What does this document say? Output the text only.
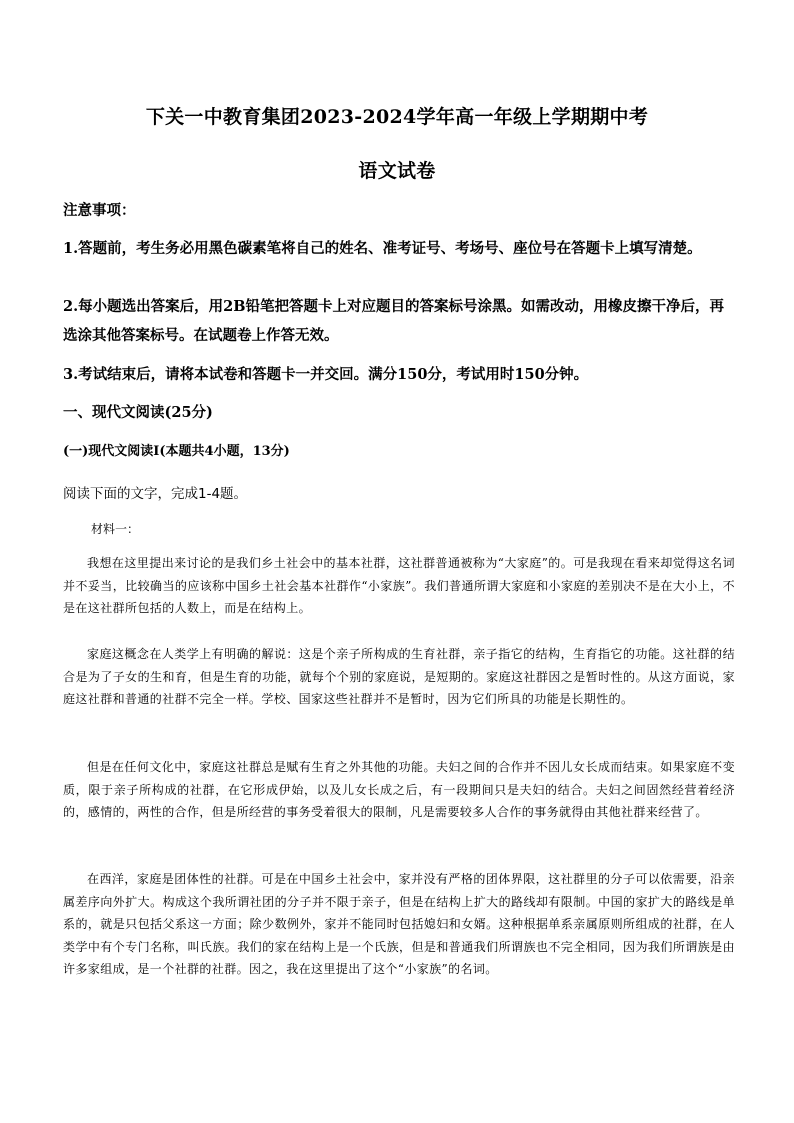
下关一中教育集团2023-2024学年高一年级上学期期中考
语文试卷
注意事项：
1.答题前，考生务必用黑色碳素笔将自己的姓名、准考证号、考场号、座位号在答题卡上填写清楚。
2.每小题选出答案后，用2B铅笔把答题卡上对应题目的答案标号涂黑。如需改动，用橡皮擦干净后，再选涂其他答案标号。在试题卷上作答无效。
3.考试结束后，请将本试卷和答题卡一并交回。满分150分，考试用时150分钟。
一、现代文阅读(25分)
(一)现代文阅读Ⅰ(本题共4小题，13分)
阅读下面的文字，完成1-4题。
材料一：
我想在这里提出来讨论的是我们乡土社会中的基本社群，这社群普通被称为“大家庭”的。可是我现在看来却觉得这名词并不妥当，比较确当的应该称中国乡土社会基本社群作“小家族”。我们普通所谓大家庭和小家庭的差别决不是在大小上，不是在这社群所包括的人数上，而是在结构上。
家庭这概念在人类学上有明确的解说：这是个亲子所构成的生育社群，亲子指它的结构，生育指它的功能。这社群的结合是为了子女的生和育，但是生育的功能，就每个个别的家庭说，是短期的。家庭这社群因之是暂时性的。从这方面说，家庭这社群和普通的社群不完全一样。学校、国家这些社群并不是暂时，因为它们所具的功能是长期性的。
但是在任何文化中，家庭这社群总是赋有生育之外其他的功能。夫妇之间的合作并不因儿女长成而结束。如果家庭不变质，限于亲子所构成的社群，在它形成伊始，以及儿女长成之后，有一段期间只是夫妇的结合。夫妇之间固然经营着经济的，感情的，两性的合作，但是所经营的事务受着很大的限制，凡是需要较多人合作的事务就得由其他社群来经营了。
在西洋，家庭是团体性的社群。可是在中国乡土社会中，家并没有严格的团体界限，这社群里的分子可以依需要，沿亲属差序向外扩大。构成这个我所谓社团的分子并不限于亲子，但是在结构上扩大的路线却有限制。中国的家扩大的路线是单系的，就是只包括父系这一方面；除少数例外，家并不能同时包括媳妇和女婿。这种根据单系亲属原则所组成的社群，在人类学中有个专门名称，叫氏族。我们的家在结构上是一个氏族，但是和普通我们所谓族也不完全相同，因为我们所谓族是由许多家组成，是一个社群的社群。因之，我在这里提出了这个“小家族”的名词。
